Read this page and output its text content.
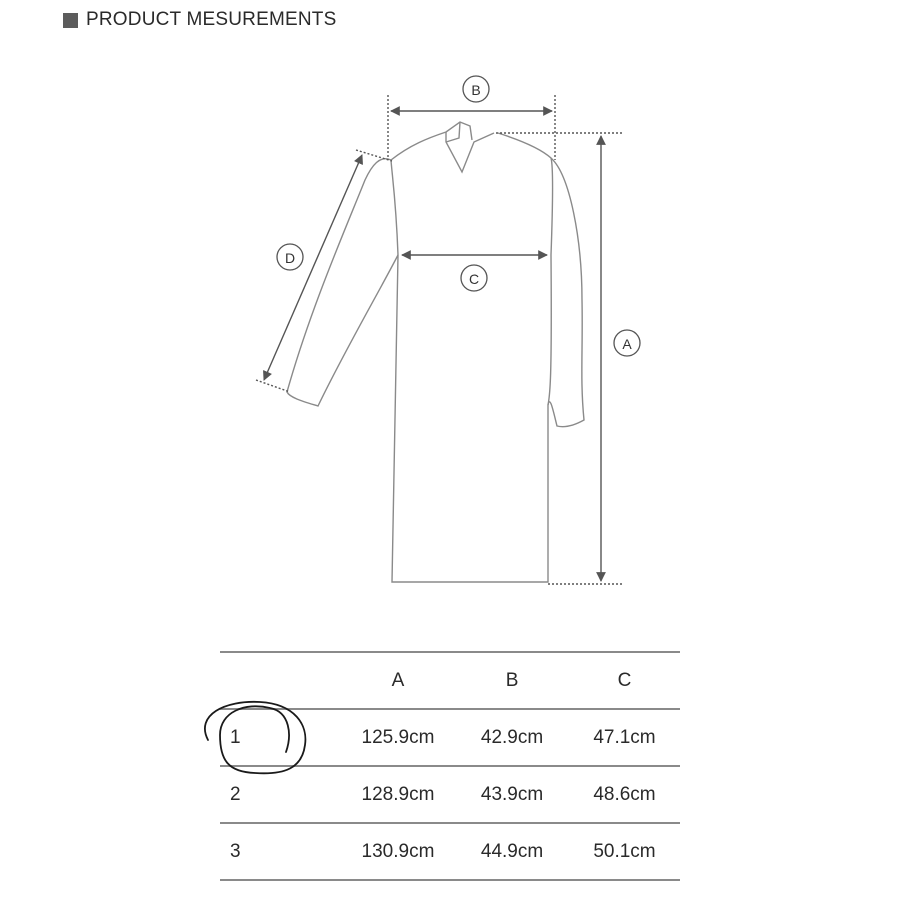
PRODUCT MESUREMENTS
B
C
A
D
	A	B	C
1	125.9cm	42.9cm	47.1cm
2	128.9cm	43.9cm	48.6cm
3	130.9cm	44.9cm	50.1cm
